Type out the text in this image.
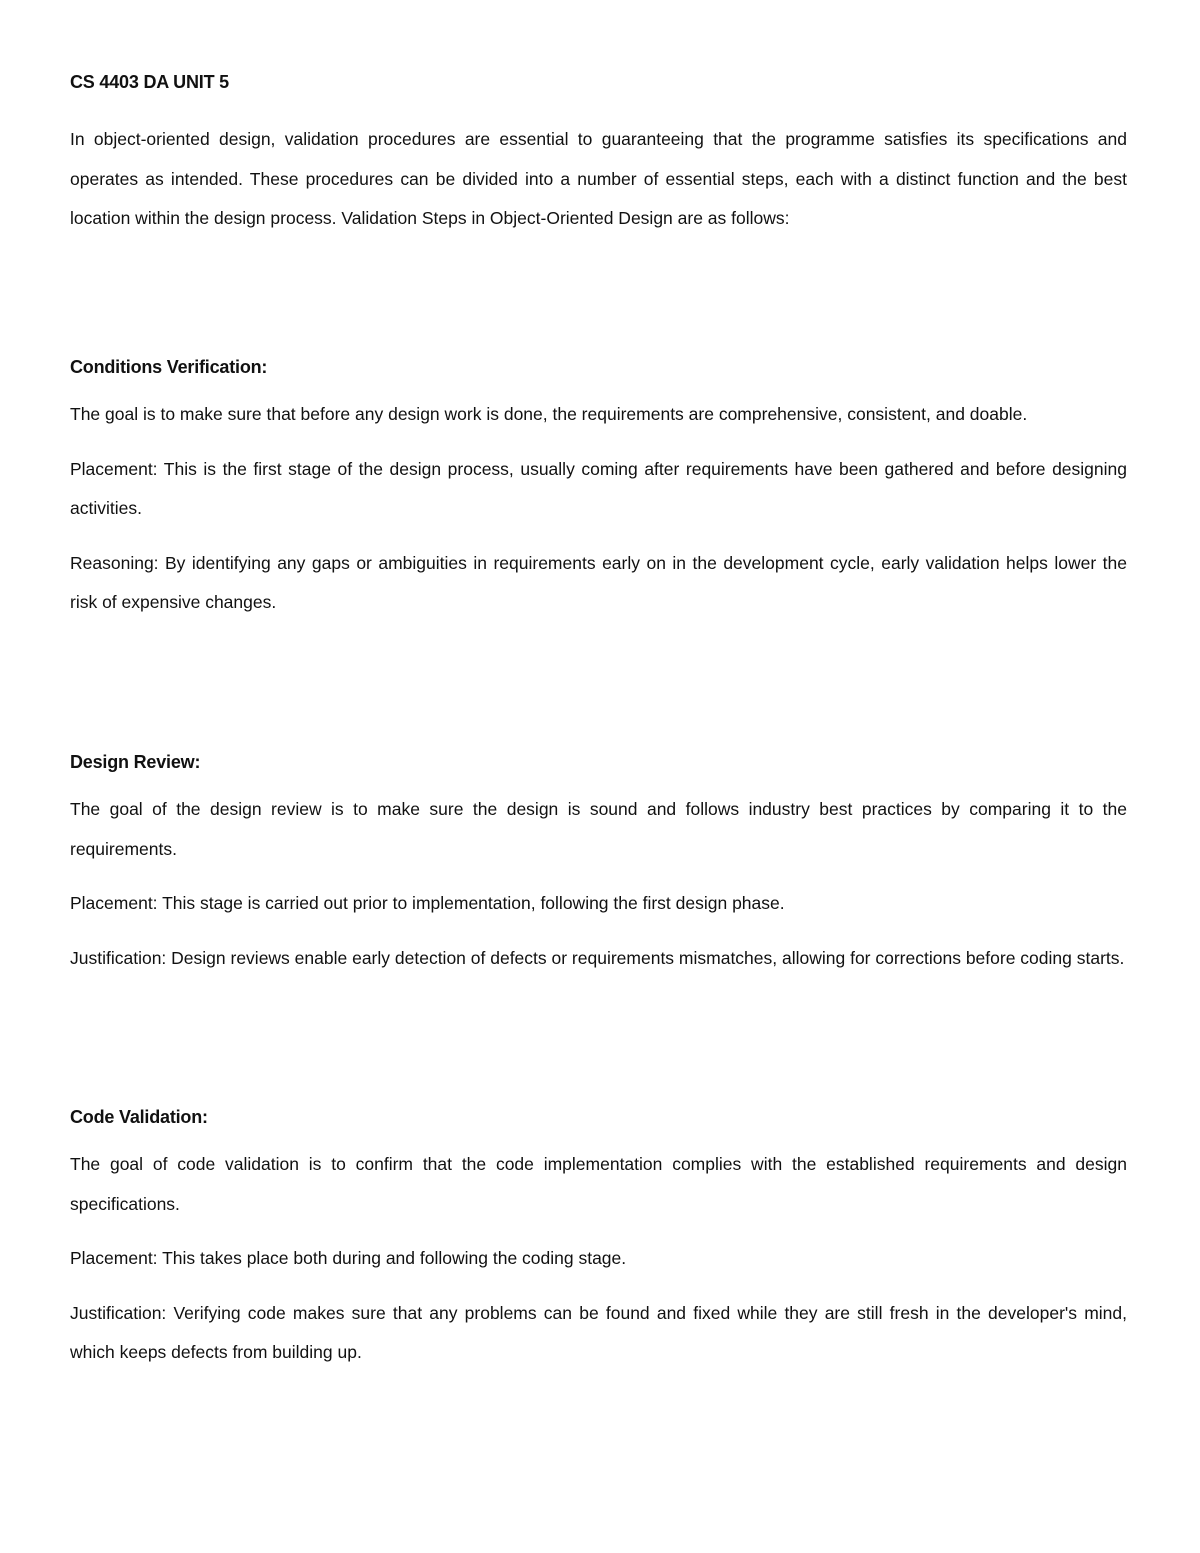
CS 4403 DA UNIT 5

In object-oriented design, validation procedures are essential to guaranteeing that the programme satisfies its specifications and operates as intended. These procedures can be divided into a number of essential steps, each with a distinct function and the best location within the design process. Validation Steps in Object-Oriented Design are as follows:

Conditions Verification:

The goal is to make sure that before any design work is done, the requirements are comprehensive, consistent, and doable.

Placement: This is the first stage of the design process, usually coming after requirements have been gathered and before designing activities.

Reasoning: By identifying any gaps or ambiguities in requirements early on in the development cycle, early validation helps lower the risk of expensive changes.

Design Review:

The goal of the design review is to make sure the design is sound and follows industry best practices by comparing it to the requirements.

Placement: This stage is carried out prior to implementation, following the first design phase.

Justification: Design reviews enable early detection of defects or requirements mismatches, allowing for corrections before coding starts.

Code Validation:

The goal of code validation is to confirm that the code implementation complies with the established requirements and design specifications.

Placement: This takes place both during and following the coding stage.

Justification: Verifying code makes sure that any problems can be found and fixed while they are still fresh in the developer's mind, which keeps defects from building up.
